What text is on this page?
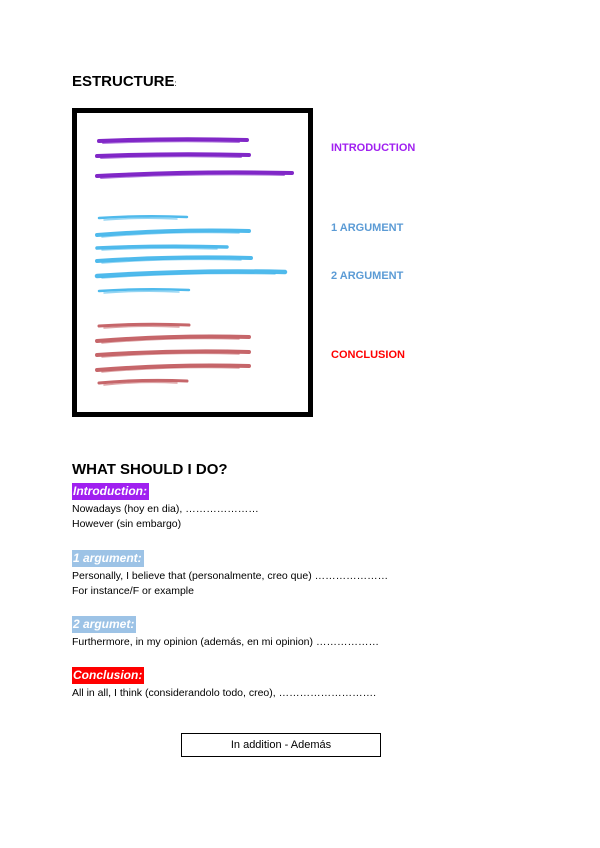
ESTRUCTURE:
INTRODUCTION
1 ARGUMENT
2 ARGUMENT
CONCLUSION
WHAT SHOULD I DO?
Introduction:
Nowadays (hoy en dia), …………………
However (sin embargo)
1 argument:
Personally, I believe that (personalmente, creo que) …………………
For instance/F or example
2 argumet:
Furthermore, in my opinion (además, en mi opinion) ………………
Conclusion:
All in all, I think (considerandolo todo, creo), ……………………….
In addition - Además
